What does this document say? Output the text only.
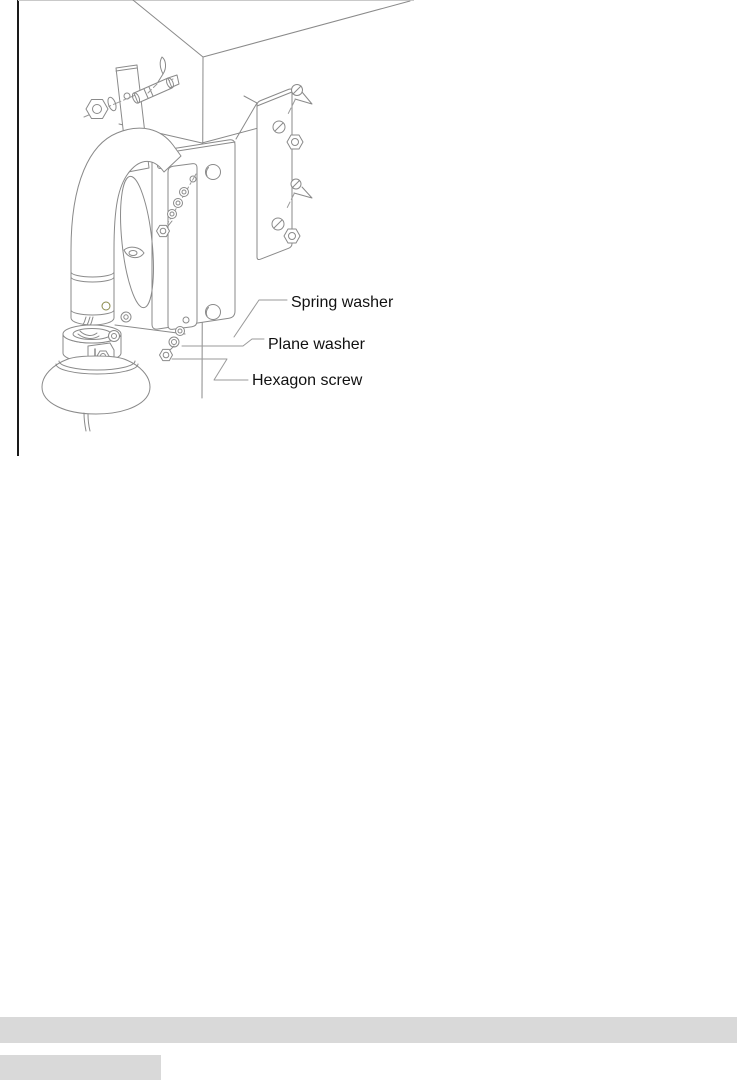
Spring washer
Plane washer
Hexagon screw
